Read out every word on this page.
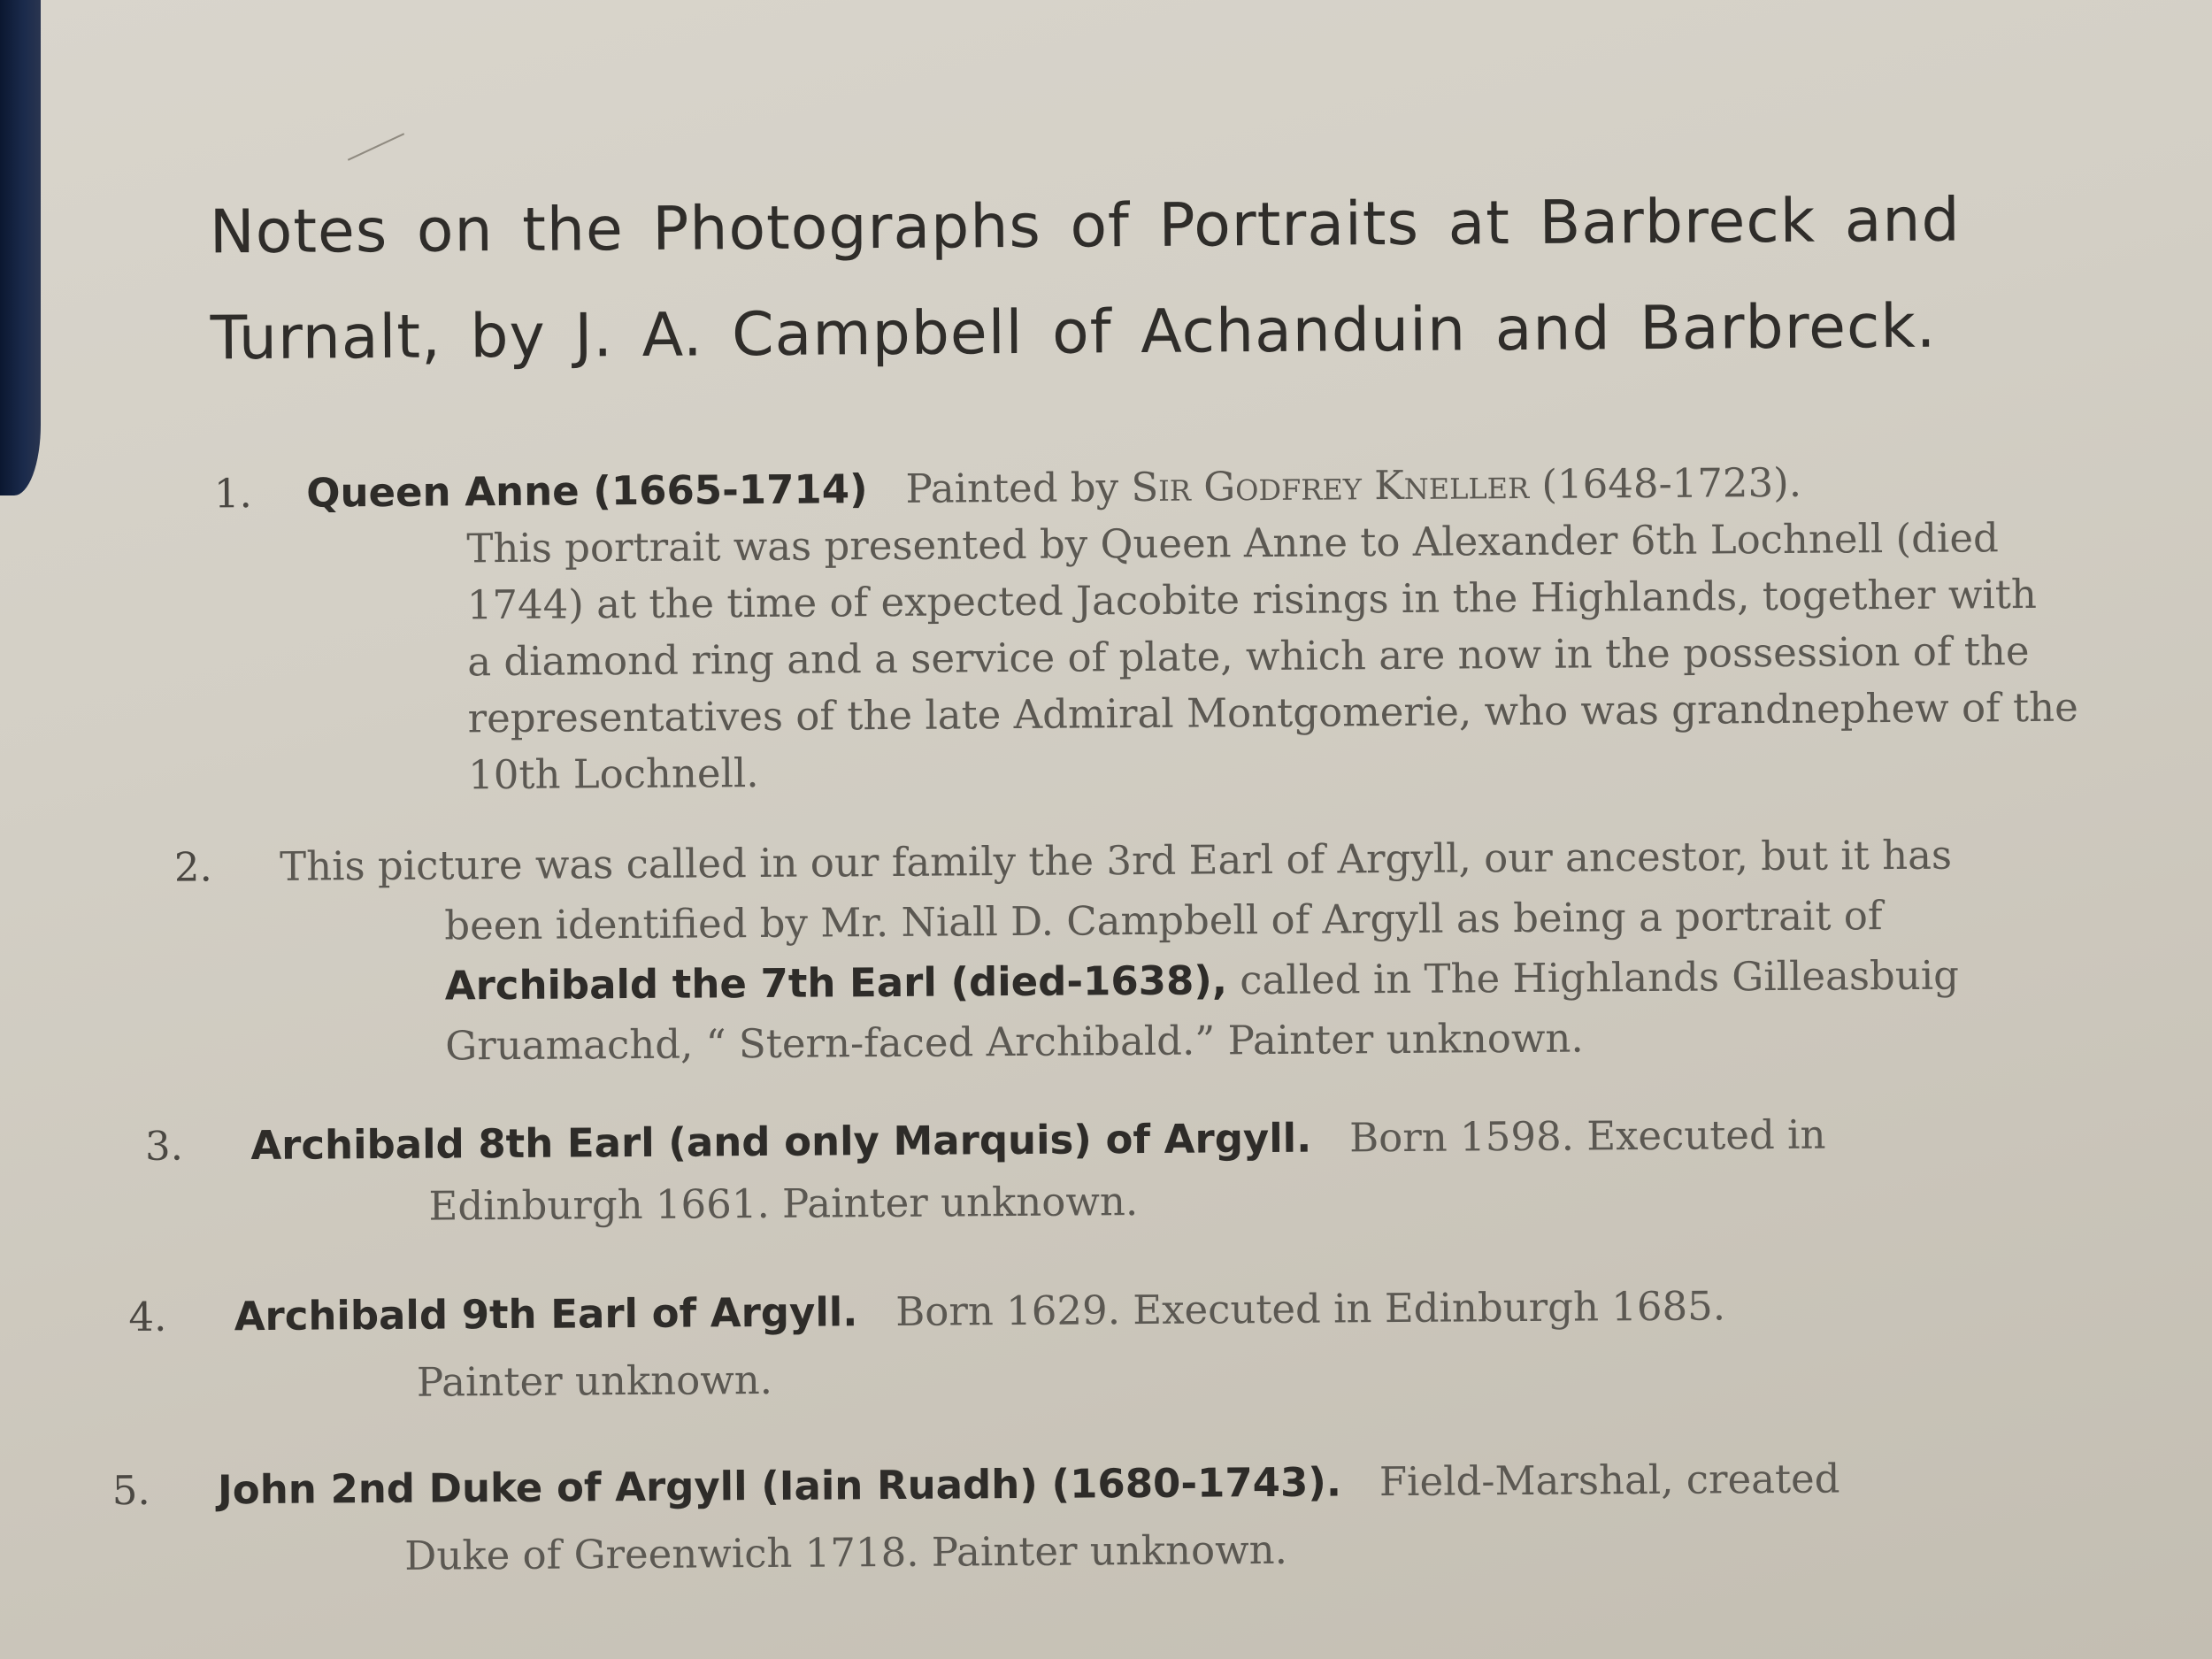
Notes on the Photographs of Portraits at Barbreck and
Turnalt, by J. A. Campbell of Achanduin and Barbreck.
1. Queen Anne (1665-1714) Painted by Sir Godfrey Kneller (1648-1723).
This portrait was presented by Queen Anne to Alexander 6th Lochnell (died
1744) at the time of expected Jacobite risings in the Highlands, together with
a diamond ring and a service of plate, which are now in the possession of the
representatives of the late Admiral Montgomerie, who was grandnephew of the
10th Lochnell.
2. This picture was called in our family the 3rd Earl of Argyll, our ancestor, but it has
been identified by Mr. Niall D. Campbell of Argyll as being a portrait of
Archibald the 7th Earl (died-1638), called in The Highlands Gilleasbuig
Gruamachd, “ Stern-faced Archibald.” Painter unknown.
3. Archibald 8th Earl (and only Marquis) of Argyll. Born 1598. Executed in
Edinburgh 1661. Painter unknown.
4. Archibald 9th Earl of Argyll. Born 1629. Executed in Edinburgh 1685.
Painter unknown.
5. John 2nd Duke of Argyll (Iain Ruadh) (1680-1743). Field-Marshal, created
Duke of Greenwich 1718. Painter unknown.
